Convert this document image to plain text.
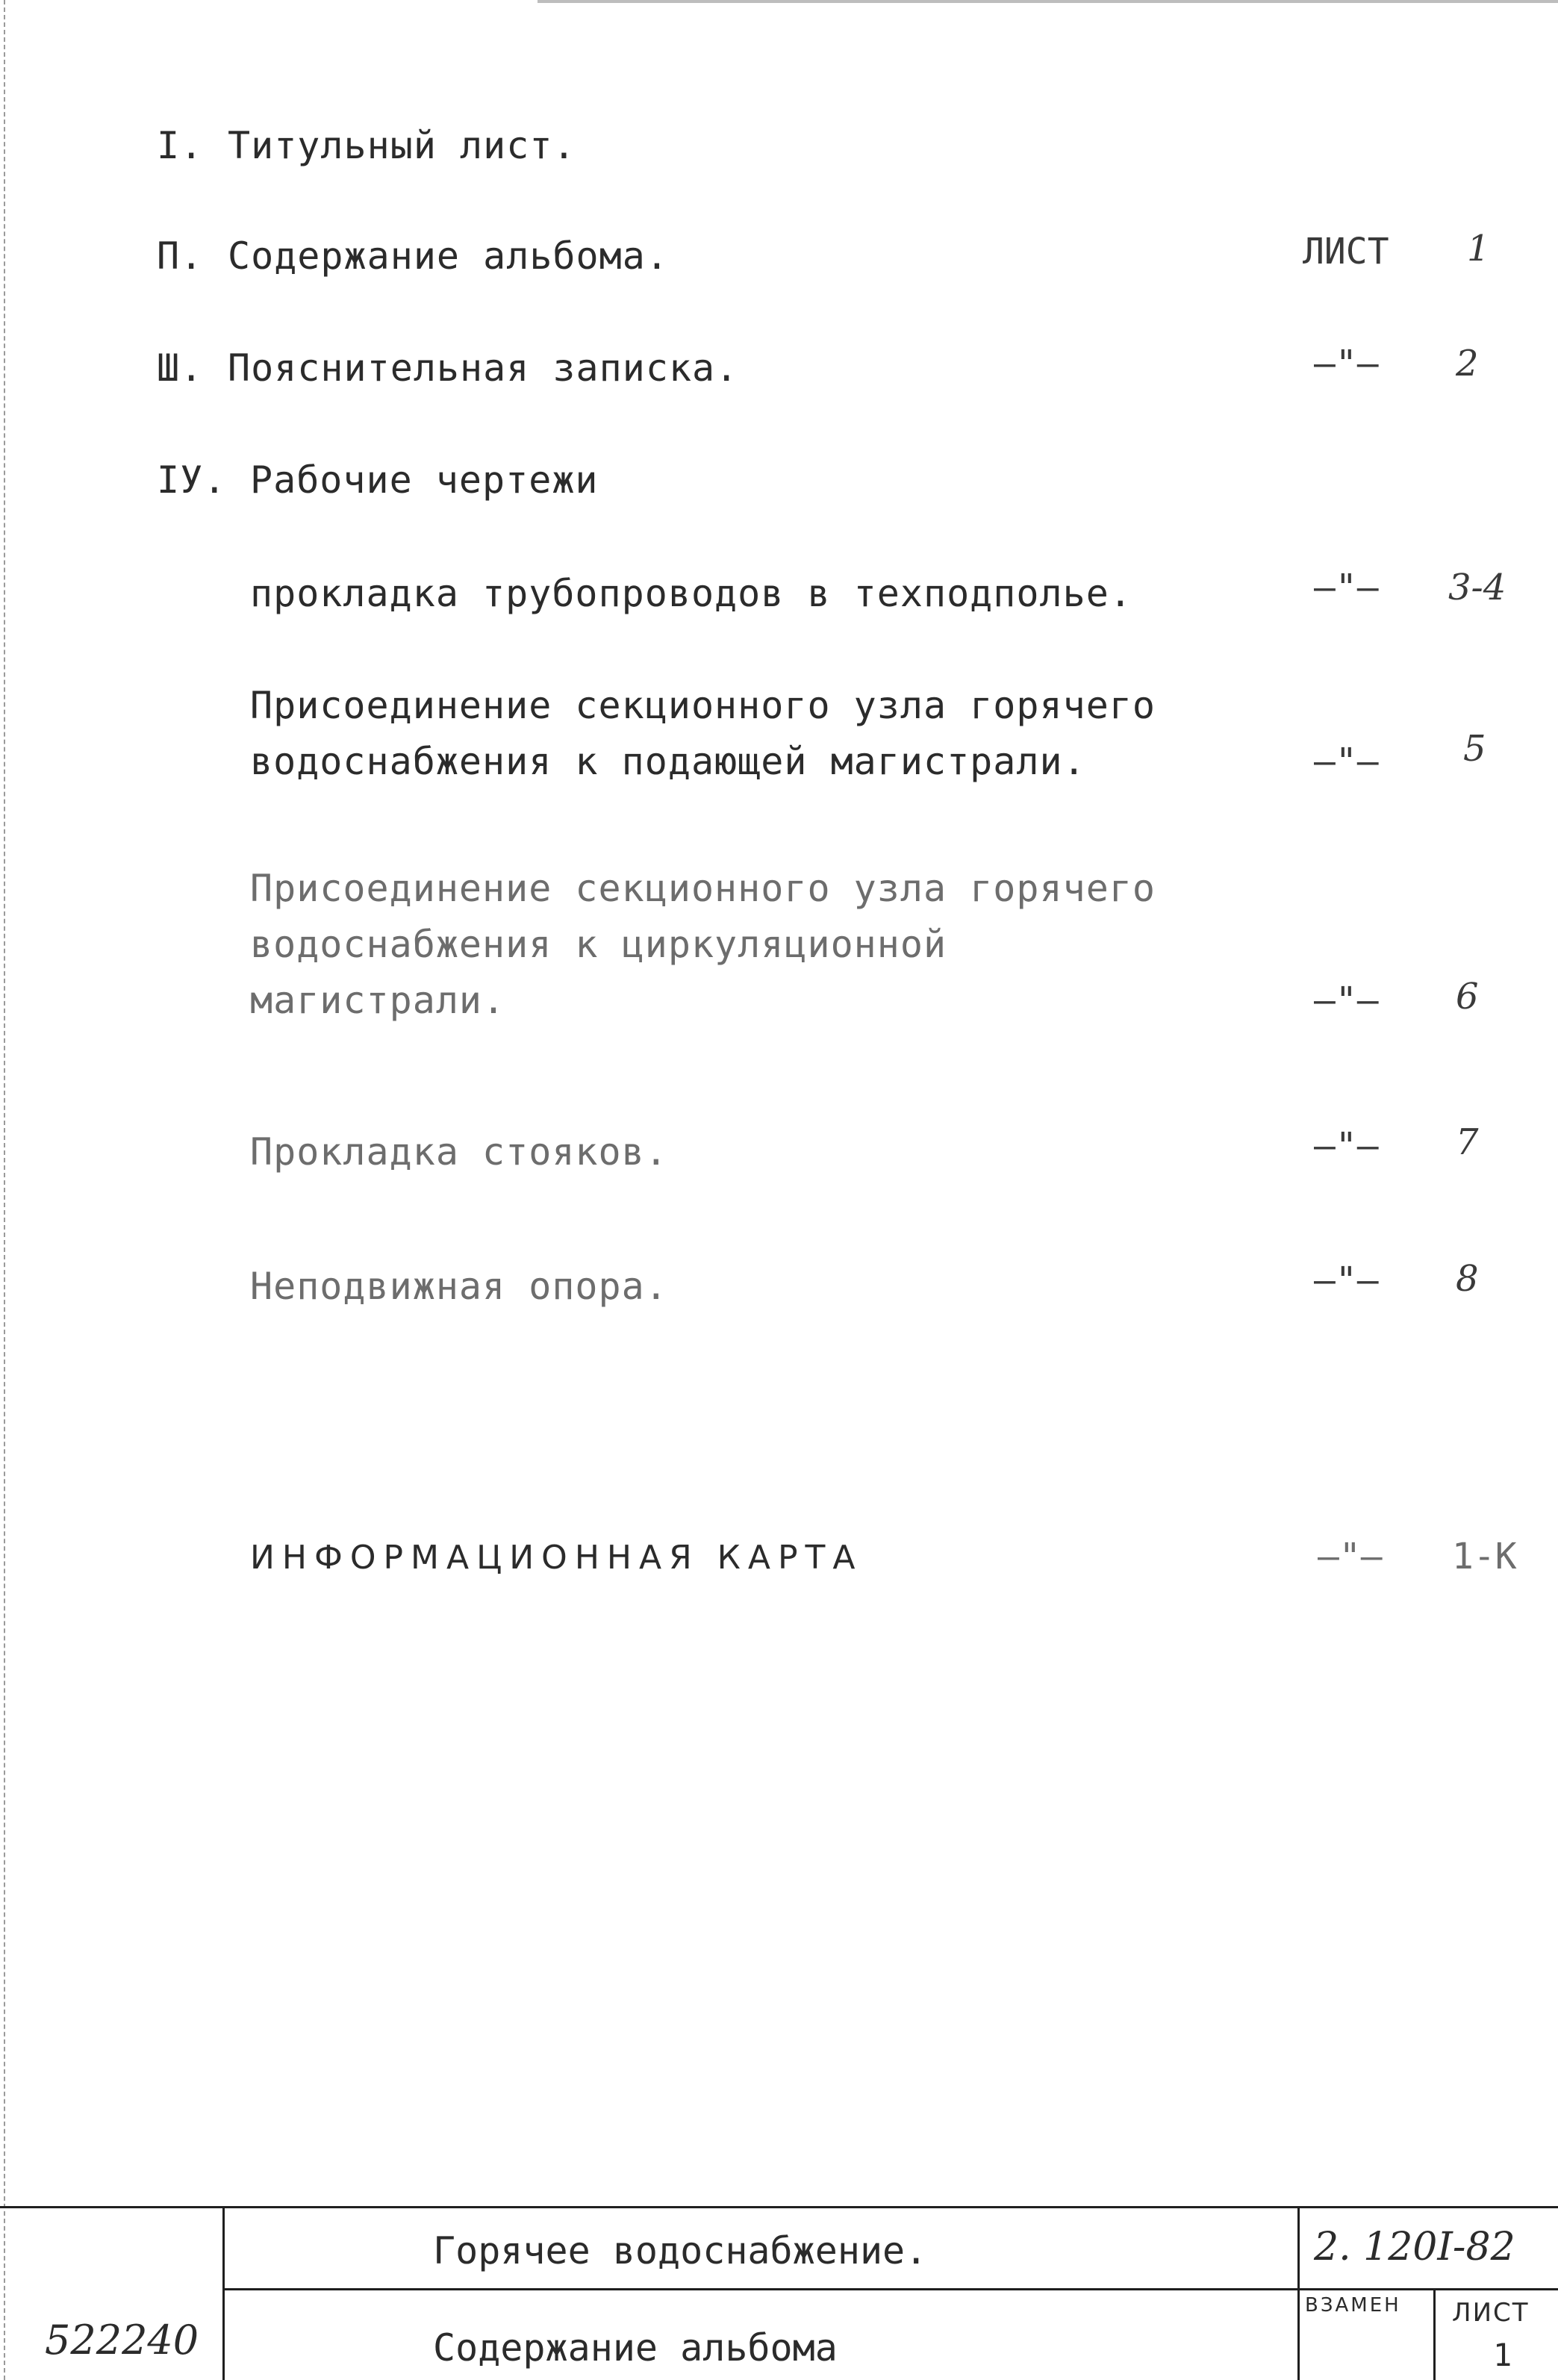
I. Титульный лист.
П. Содержание альбома.	ЛИСТ 1
Ш. Пояснительная записка.	–"– 2
IУ. Рабочие чертежи
прокладка трубопроводов в техподполье.	–"– 3-4
Присоединение секционного узла горячего
водоснабжения к подающей магистрали.	–"– 5
Присоединение секционного узла горячего
водоснабжения к циркуляционной
магистрали.	–"– 6
Прокладка стояков.	–"– 7
Неподвижная опора.	–"– 8
ИНФОРМАЦИОННАЯ КАРТА	–"– 1-К
522240
Горячее водоснабжение.
Содержание альбома
2. 120I-82
ВЗАМЕН ЛИСТ
1
